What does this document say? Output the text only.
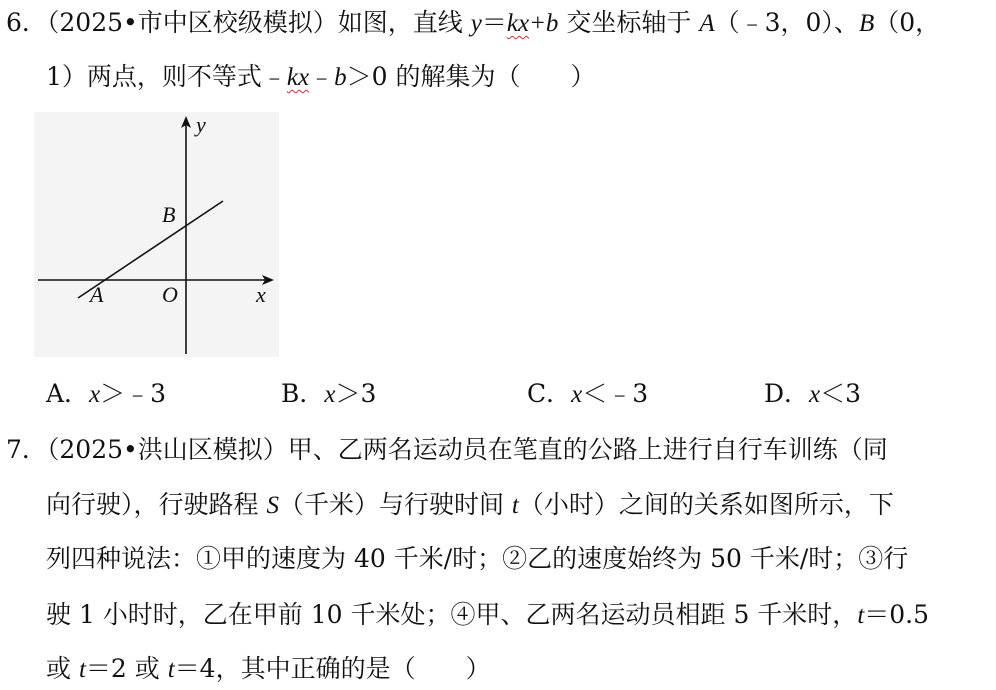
6．（2025•市中区校级模拟）如图，直线 y＝kx+b 交坐标轴于 A（﹣3，0）、B（0，
1）两点，则不等式﹣kx﹣b＞0 的解集为（　　）
y
x
O
A
B
A．x＞﹣3	B．x＞3	C．x＜﹣3	D．x＜3
7．（2025•洪山区模拟）甲、乙两名运动员在笔直的公路上进行自行车训练（同
向行驶），行驶路程 S（千米）与行驶时间 t（小时）之间的关系如图所示，下
列四种说法：①甲的速度为 40 千米/时；②乙的速度始终为 50 千米/时；③行
驶 1 小时时，乙在甲前 10 千米处；④甲、乙两名运动员相距 5 千米时，t＝0.5
或 t＝2 或 t＝4，其中正确的是（　　）
